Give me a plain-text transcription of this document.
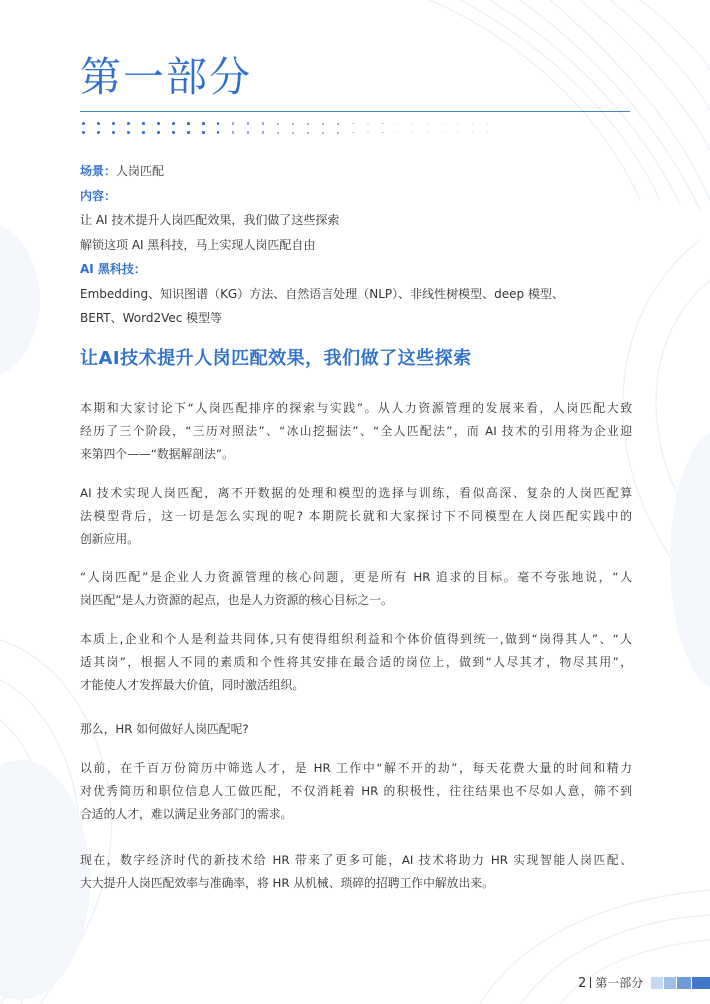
第一部分
场景：人岗匹配
内容：
让 AI 技术提升人岗匹配效果，我们做了这些探索
解锁这项 AI 黑科技，马上实现人岗匹配自由
AI 黑科技：
Embedding、知识图谱（KG）方法、自然语言处理（NLP）、非线性树模型、deep 模型、
BERT、Word2Vec 模型等
让AI技术提升人岗匹配效果，我们做了这些探索
本期和大家讨论下“人岗匹配排序的探索与实践”。从人力资源管理的发展来看，人岗匹配大致
经历了三个阶段，“三历对照法”、“冰山挖掘法”、“全人匹配法”，而 AI 技术的引用将为企业迎
来第四个——“数据解剖法”。
AI 技术实现人岗匹配，离不开数据的处理和模型的选择与训练，看似高深、复杂的人岗匹配算
法模型背后，这一切是怎么实现的呢? 本期院长就和大家探讨下不同模型在人岗匹配实践中的
创新应用。
“人岗匹配”是企业人力资源管理的核心问题，更是所有 HR 追求的目标。毫不夸张地说，“人
岗匹配”是人力资源的起点，也是人力资源的核心目标之一。
本质上,企业和个人是利益共同体,只有使得组织利益和个体价值得到统一,做到“岗得其人”、“人
适其岗”，根据人不同的素质和个性将其安排在最合适的岗位上，做到“人尽其才，物尽其用”，
才能使人才发挥最大价值，同时激活组织。
那么，HR 如何做好人岗匹配呢?
以前，在千百万份简历中筛选人才，是 HR 工作中“解不开的劫”，每天花费大量的时间和精力
对优秀简历和职位信息人工做匹配，不仅消耗着 HR 的积极性，往往结果也不尽如人意，筛不到
合适的人才，难以满足业务部门的需求。
现在，数字经济时代的新技术给 HR 带来了更多可能，AI 技术将助力 HR 实现智能人岗匹配、
大大提升人岗匹配效率与准确率，将 HR 从机械、琐碎的招聘工作中解放出来。
2 第一部分
